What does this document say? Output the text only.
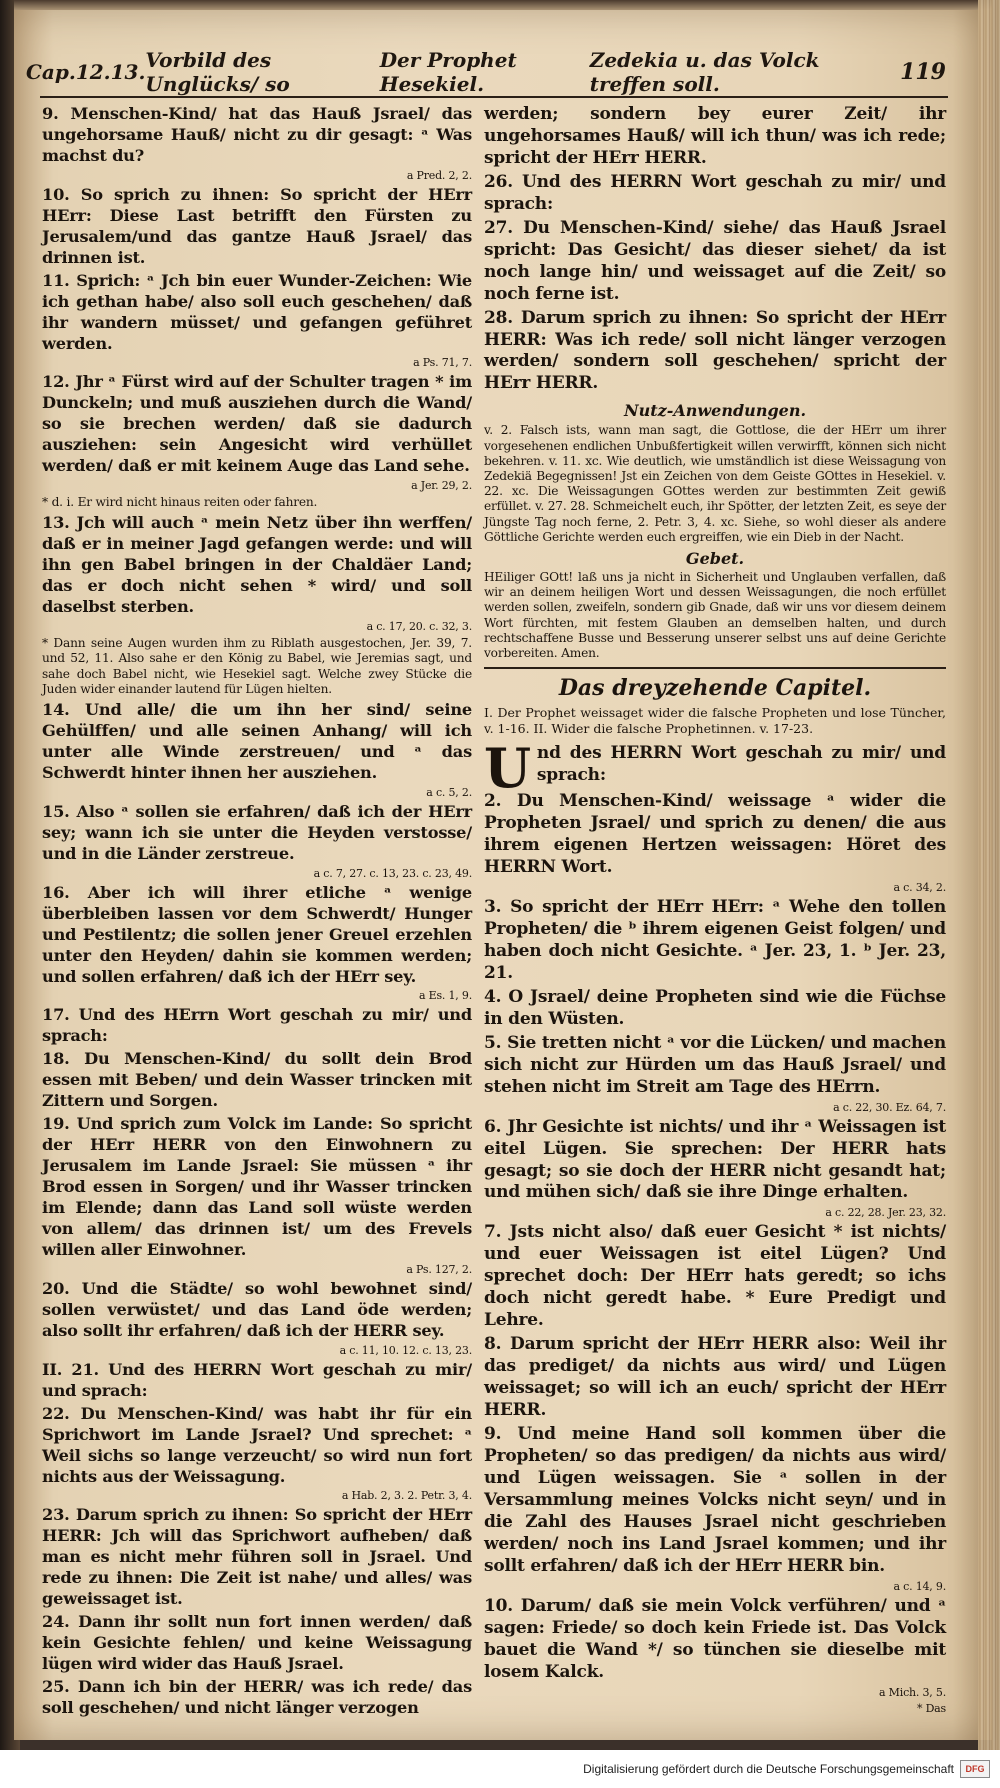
Cap.12.13. Vorbild des Unglücks/ so
Der Prophet Hesekiel.
Zedekia u. das Volck treffen soll.	119

9. Menschen-Kind/ hat das Hauß Jsrael/ das ungehorsame Hauß/ nicht zu dir gesagt: ᵃ Was machst du?

a Pred. 2, 2.

10. So sprich zu ihnen: So spricht der HErr HErr: Diese Last betrifft den Fürsten zu Jerusalem/und das gantze Hauß Jsrael/ das drinnen ist.

11. Sprich: ᵃ Jch bin euer Wunder-Zeichen: Wie ich gethan habe/ also soll euch geschehen/ daß ihr wandern müsset/ und gefangen geführet werden.

a Ps. 71, 7.

12. Jhr ᵃ Fürst wird auf der Schulter tragen * im Dunckeln; und muß ausziehen durch die Wand/ so sie brechen werden/ daß sie dadurch ausziehen: sein Angesicht wird verhüllet werden/ daß er mit keinem Auge das Land sehe.

a Jer. 29, 2.

* d. i. Er wird nicht hinaus reiten oder fahren.

13. Jch will auch ᵃ mein Netz über ihn werffen/ daß er in meiner Jagd gefangen werde: und will ihn gen Babel bringen in der Chaldäer Land; das er doch nicht sehen * wird/ und soll daselbst sterben.

a c. 17, 20. c. 32, 3.

* Dann seine Augen wurden ihm zu Riblath ausgestochen, Jer. 39, 7. und 52, 11. Also sahe er den König zu Babel, wie Jeremias sagt, und sahe doch Babel nicht, wie Hesekiel sagt. Welche zwey Stücke die Juden wider einander lautend für Lügen hielten.

14. Und alle/ die um ihn her sind/ seine Gehülffen/ und alle seinen Anhang/ will ich unter alle Winde zerstreuen/ und ᵃ das Schwerdt hinter ihnen her ausziehen.

a c. 5, 2.

15. Also ᵃ sollen sie erfahren/ daß ich der HErr sey; wann ich sie unter die Heyden verstosse/ und in die Länder zerstreue.

a c. 7, 27. c. 13, 23. c. 23, 49.

16. Aber ich will ihrer etliche ᵃ wenige überbleiben lassen vor dem Schwerdt/ Hunger und Pestilentz; die sollen jener Greuel erzehlen unter den Heyden/ dahin sie kommen werden; und sollen erfahren/ daß ich der HErr sey.

a Es. 1, 9.

17. Und des HErrn Wort geschah zu mir/ und sprach:

18. Du Menschen-Kind/ du sollt dein Brod essen mit Beben/ und dein Wasser trincken mit Zittern und Sorgen.

19. Und sprich zum Volck im Lande: So spricht der HErr HERR von den Einwohnern zu Jerusalem im Lande Jsrael: Sie müssen ᵃ ihr Brod essen in Sorgen/ und ihr Wasser trincken im Elende; dann das Land soll wüste werden von allem/ das drinnen ist/ um des Frevels willen aller Einwohner.

a Ps. 127, 2.

20. Und die Städte/ so wohl bewohnet sind/ sollen verwüstet/ und das Land öde werden; also sollt ihr erfahren/ daß ich der HERR sey.

a c. 11, 10. 12. c. 13, 23.

II. 21. Und des HERRN Wort geschah zu mir/ und sprach:

22. Du Menschen-Kind/ was habt ihr für ein Sprichwort im Lande Jsrael? Und sprechet: ᵃ Weil sichs so lange verzeucht/ so wird nun fort nichts aus der Weissagung.

a Hab. 2, 3. 2. Petr. 3, 4.

23. Darum sprich zu ihnen: So spricht der HErr HERR: Jch will das Sprichwort aufheben/ daß man es nicht mehr führen soll in Jsrael. Und rede zu ihnen: Die Zeit ist nahe/ und alles/ was geweissaget ist.

24. Dann ihr sollt nun fort innen werden/ daß kein Gesichte fehlen/ und keine Weissagung lügen wird wider das Hauß Jsrael.

25. Dann ich bin der HERR/ was ich rede/ das soll geschehen/ und nicht länger verzogen

werden; sondern bey eurer Zeit/ ihr ungehorsames Hauß/ will ich thun/ was ich rede; spricht der HErr HERR.

26. Und des HERRN Wort geschah zu mir/ und sprach:

27. Du Menschen-Kind/ siehe/ das Hauß Jsrael spricht: Das Gesicht/ das dieser siehet/ da ist noch lange hin/ und weissaget auf die Zeit/ so noch ferne ist.

28. Darum sprich zu ihnen: So spricht der HErr HERR: Was ich rede/ soll nicht länger verzogen werden/ sondern soll geschehen/ spricht der HErr HERR.

Nutz-Anwendungen.

v. 2. Falsch ists, wann man sagt, die Gottlose, die der HErr um ihrer vorgesehenen endlichen Unbußfertigkeit willen verwirfft, können sich nicht bekehren. v. 11. xc. Wie deutlich, wie umständlich ist diese Weissagung von Zedekiä Begegnissen! Jst ein Zeichen von dem Geiste GOttes in Hesekiel. v. 22. xc. Die Weissagungen GOttes werden zur bestimmten Zeit gewiß erfüllet. v. 27. 28. Schmeichelt euch, ihr Spötter, der letzten Zeit, es seye der Jüngste Tag noch ferne, 2. Petr. 3, 4. xc. Siehe, so wohl dieser als andere Göttliche Gerichte werden euch ergreiffen, wie ein Dieb in der Nacht.

Gebet.

HEiliger GOtt! laß uns ja nicht in Sicherheit und Unglauben verfallen, daß wir an deinem heiligen Wort und dessen Weissagungen, die noch erfüllet werden sollen, zweifeln, sondern gib Gnade, daß wir uns vor diesem deinem Wort fürchten, mit festem Glauben an demselben halten, und durch rechtschaffene Busse und Besserung unserer selbst uns auf deine Gerichte vorbereiten. Amen.

Das dreyzehende Capitel.
I. Der Prophet weissaget wider die falsche Propheten und lose Tüncher, v. 1-16. II. Wider die falsche Prophetinnen. v. 17-23.

Und des HERRN Wort geschah zu mir/ und sprach:

2. Du Menschen-Kind/ weissage ᵃ wider die Propheten Jsrael/ und sprich zu denen/ die aus ihrem eigenen Hertzen weissagen: Höret des HERRN Wort.

a c. 34, 2.

3. So spricht der HErr HErr: ᵃ Wehe den tollen Propheten/ die ᵇ ihrem eigenen Geist folgen/ und haben doch nicht Gesichte. ᵃ Jer. 23, 1. ᵇ Jer. 23, 21.

4. O Jsrael/ deine Propheten sind wie die Füchse in den Wüsten.

5. Sie tretten nicht ᵃ vor die Lücken/ und machen sich nicht zur Hürden um das Hauß Jsrael/ und stehen nicht im Streit am Tage des HErrn.

a c. 22, 30. Ez. 64, 7.

6. Jhr Gesichte ist nichts/ und ihr ᵃ Weissagen ist eitel Lügen. Sie sprechen: Der HERR hats gesagt; so sie doch der HERR nicht gesandt hat; und mühen sich/ daß sie ihre Dinge erhalten.

a c. 22, 28. Jer. 23, 32.

7. Jsts nicht also/ daß euer Gesicht * ist nichts/ und euer Weissagen ist eitel Lügen? Und sprechet doch: Der HErr hats geredt; so ichs doch nicht geredt habe. * Eure Predigt und Lehre.

8. Darum spricht der HErr HERR also: Weil ihr das prediget/ da nichts aus wird/ und Lügen weissaget; so will ich an euch/ spricht der HErr HERR.

9. Und meine Hand soll kommen über die Propheten/ so das predigen/ da nichts aus wird/ und Lügen weissagen. Sie ᵃ sollen in der Versammlung meines Volcks nicht seyn/ und in die Zahl des Hauses Jsrael nicht geschrieben werden/ noch ins Land Jsrael kommen; und ihr sollt erfahren/ daß ich der HErr HERR bin.

a c. 14, 9.

10. Darum/ daß sie mein Volck verführen/ und ᵃ sagen: Friede/ so doch kein Friede ist. Das Volck bauet die Wand */ so tünchen sie dieselbe mit losem Kalck.

a Mich. 3, 5.

* Das

Digitalisierung gefördert durch die Deutsche Forschungsgemeinschaft	DFG
